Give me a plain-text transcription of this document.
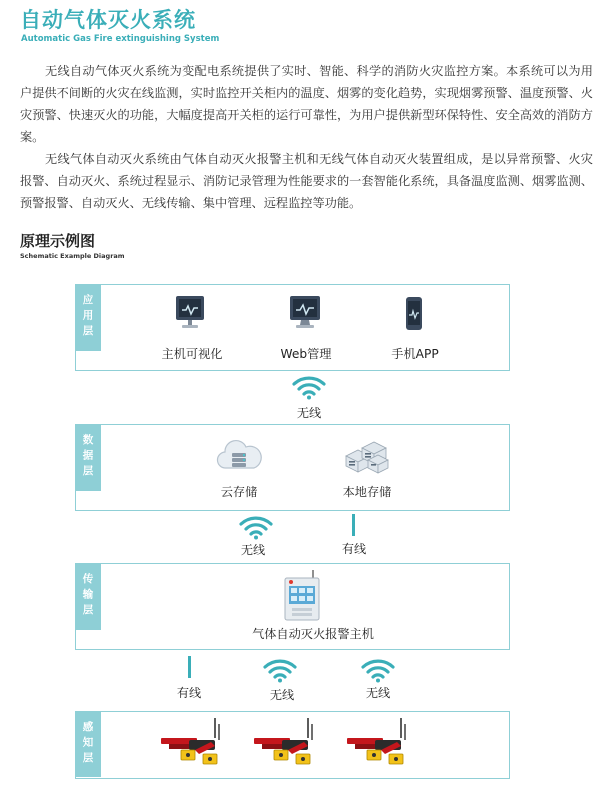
自动气体灭火系统
Automatic Gas Fire extinguishing System
无线自动气体灭火系统为变配电系统提供了实时、智能、科学的消防火灾监控方案。本系统可以为用户提供不间断的火灾在线监测，实时监控开关柜内的温度、烟雾的变化趋势，实现烟雾预警、温度预警、火灾预警、快速灭火的功能，大幅度提高开关柜的运行可靠性，为用户提供新型环保特性、安全高效的消防方案。
无线气体自动灭火系统由气体自动灭火报警主机和无线气体自动灭火装置组成，是以异常预警、火灾报警、自动灭火、系统过程显示、消防记录管理为性能要求的一套智能化系统，具备温度监测、烟雾监测、预警报警、自动灭火、无线传输、集中管理、远程监控等功能。
原理示例图
Schematic Example Diagram
应用层
主机可视化	Web管理	手机APP
无线
数据层
云存储	本地存储
无线	有线
传输层
气体自动灭火报警主机
有线	无线	无线
感知层
